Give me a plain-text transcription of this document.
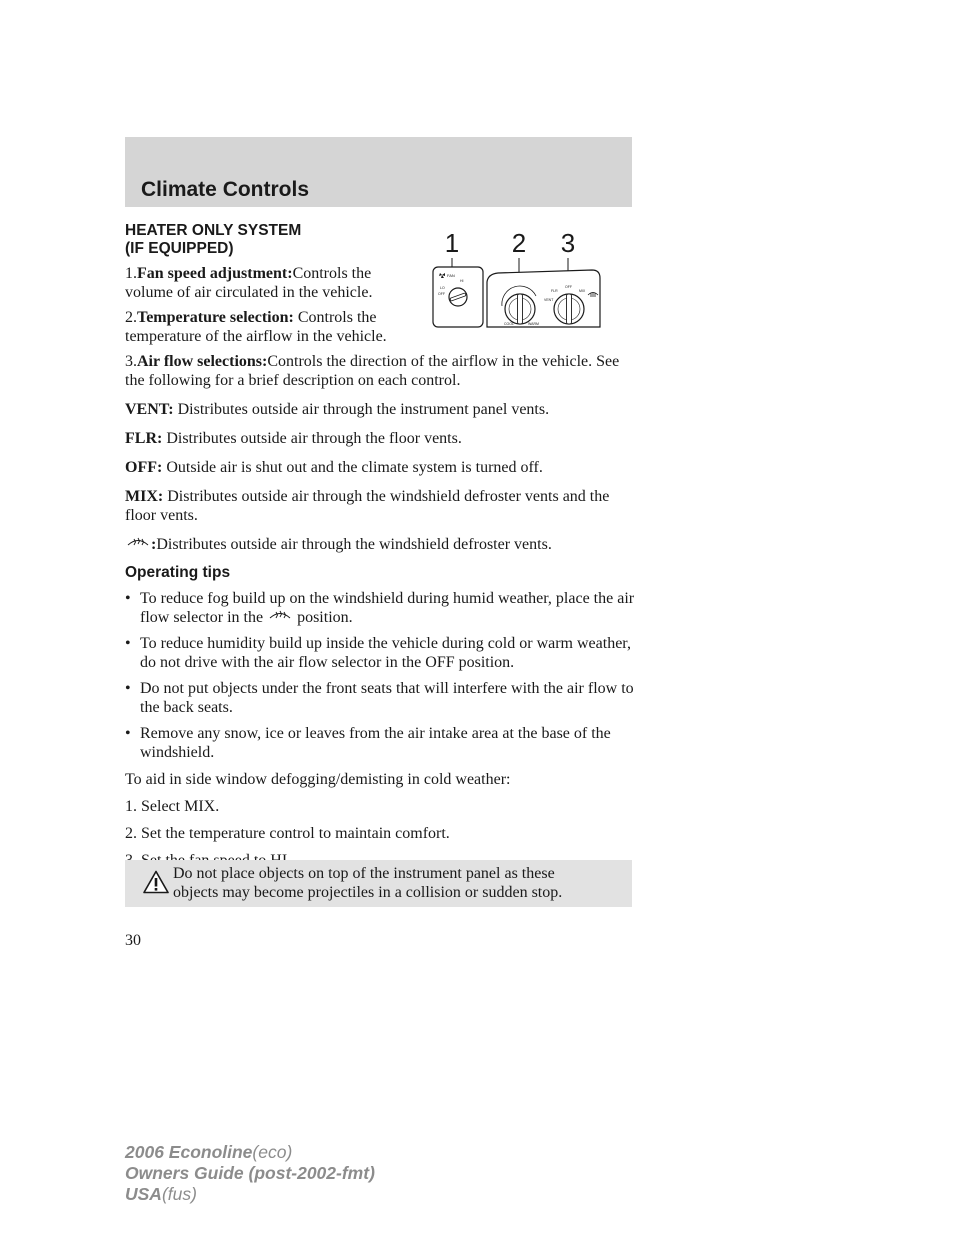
Climate Controls
1 2 3
FAN
HI
LO
OFF
COOL	WARM
VENT
FLR
OFF
MIX
HEATER ONLY SYSTEM
(IF EQUIPPED)

1.Fan speed adjustment:Controls the volume of air circulated in the vehicle.

2.Temperature selection: Controls the temperature of the airflow in the vehicle.

3.Air flow selections:Controls the direction of the airflow in the vehicle. See the following for a brief description on each control.

VENT: Distributes outside air through the instrument panel vents.

FLR: Distributes outside air through the floor vents.

OFF: Outside air is shut out and the climate system is turned off.

MIX: Distributes outside air through the windshield defroster vents and the floor vents.

:Distributes outside air through the windshield defroster vents.

Operating tips
• To reduce fog build up on the windshield during humid weather, place the air flow selector in the position.
• To reduce humidity build up inside the vehicle during cold or warm weather, do not drive with the air flow selector in the OFF position.
• Do not put objects under the front seats that will interfere with the air flow to the back seats.
• Remove any snow, ice or leaves from the air intake area at the base of the windshield.

To aid in side window defogging/demisting in cold weather:

1. Select MIX.

2. Set the temperature control to maintain comfort.

Do not place objects on top of the instrument panel as these
objects may become projectiles in a collision or sudden stop.
30
2006 Econoline(eco)
Owners Guide (post-2002-fmt)
USA(fus)
